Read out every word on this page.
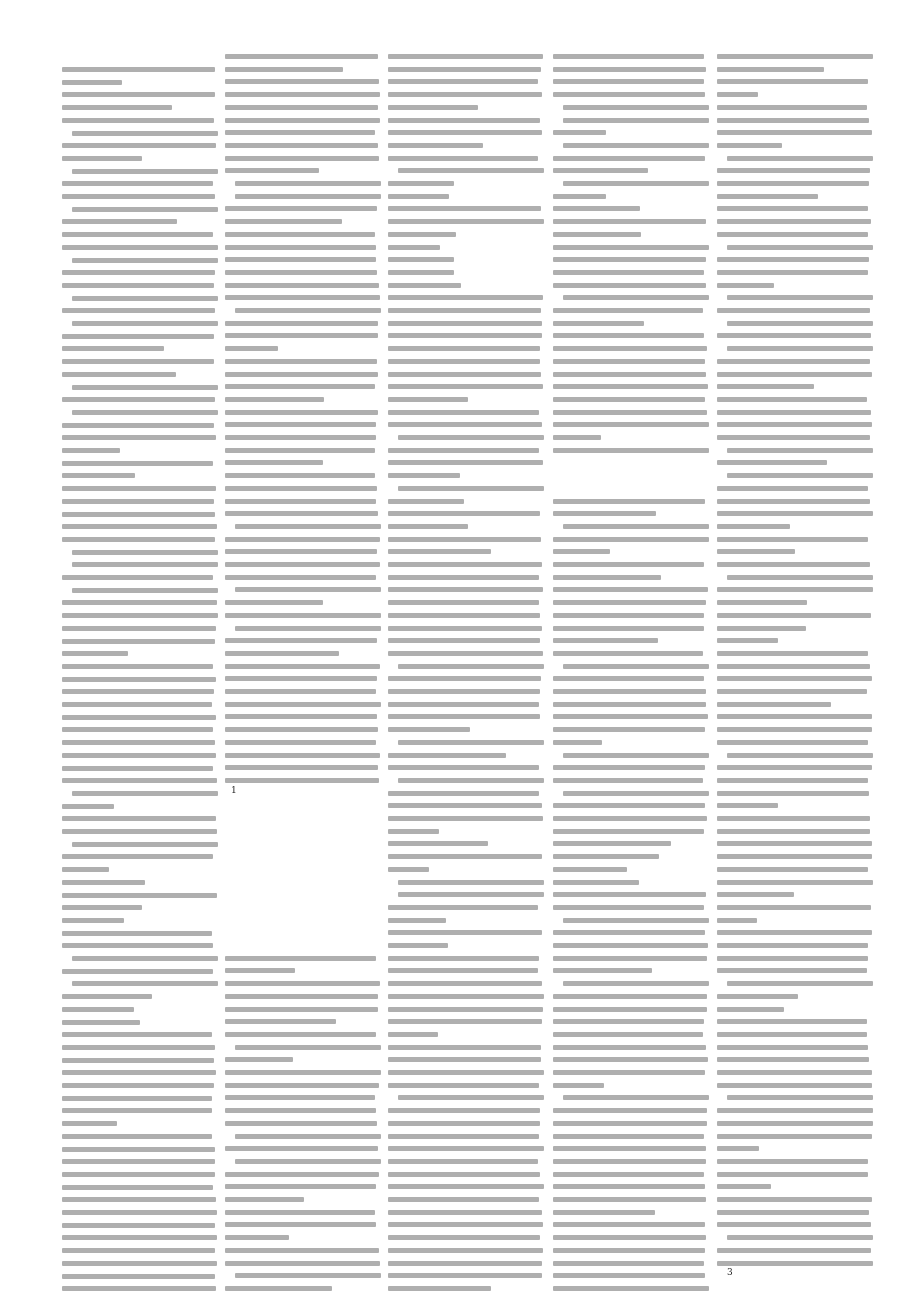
1
3
